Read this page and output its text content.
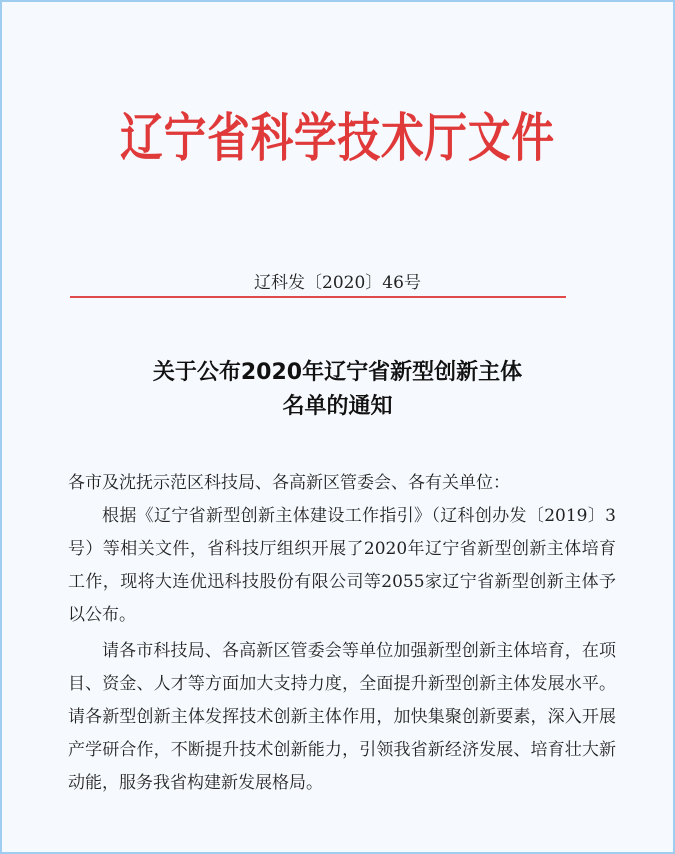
辽宁省科学技术厅文件
辽科发〔2020〕46号
关于公布2020年辽宁省新型创新主体
名单的通知
各市及沈抚示范区科技局、各高新区管委会、各有关单位：

根据《辽宁省新型创新主体建设工作指引》（辽科创办发〔2019〕3号）等相关文件，省科技厅组织开展了2020年辽宁省新型创新主体培育工作，现将大连优迅科技股份有限公司等2055家辽宁省新型创新主体予以公布。

请各市科技局、各高新区管委会等单位加强新型创新主体培育，在项目、资金、人才等方面加大支持力度，全面提升新型创新主体发展水平。请各新型创新主体发挥技术创新主体作用，加快集聚创新要素，深入开展产学研合作，不断提升技术创新能力，引领我省新经济发展、培育壮大新动能，服务我省构建新发展格局。
